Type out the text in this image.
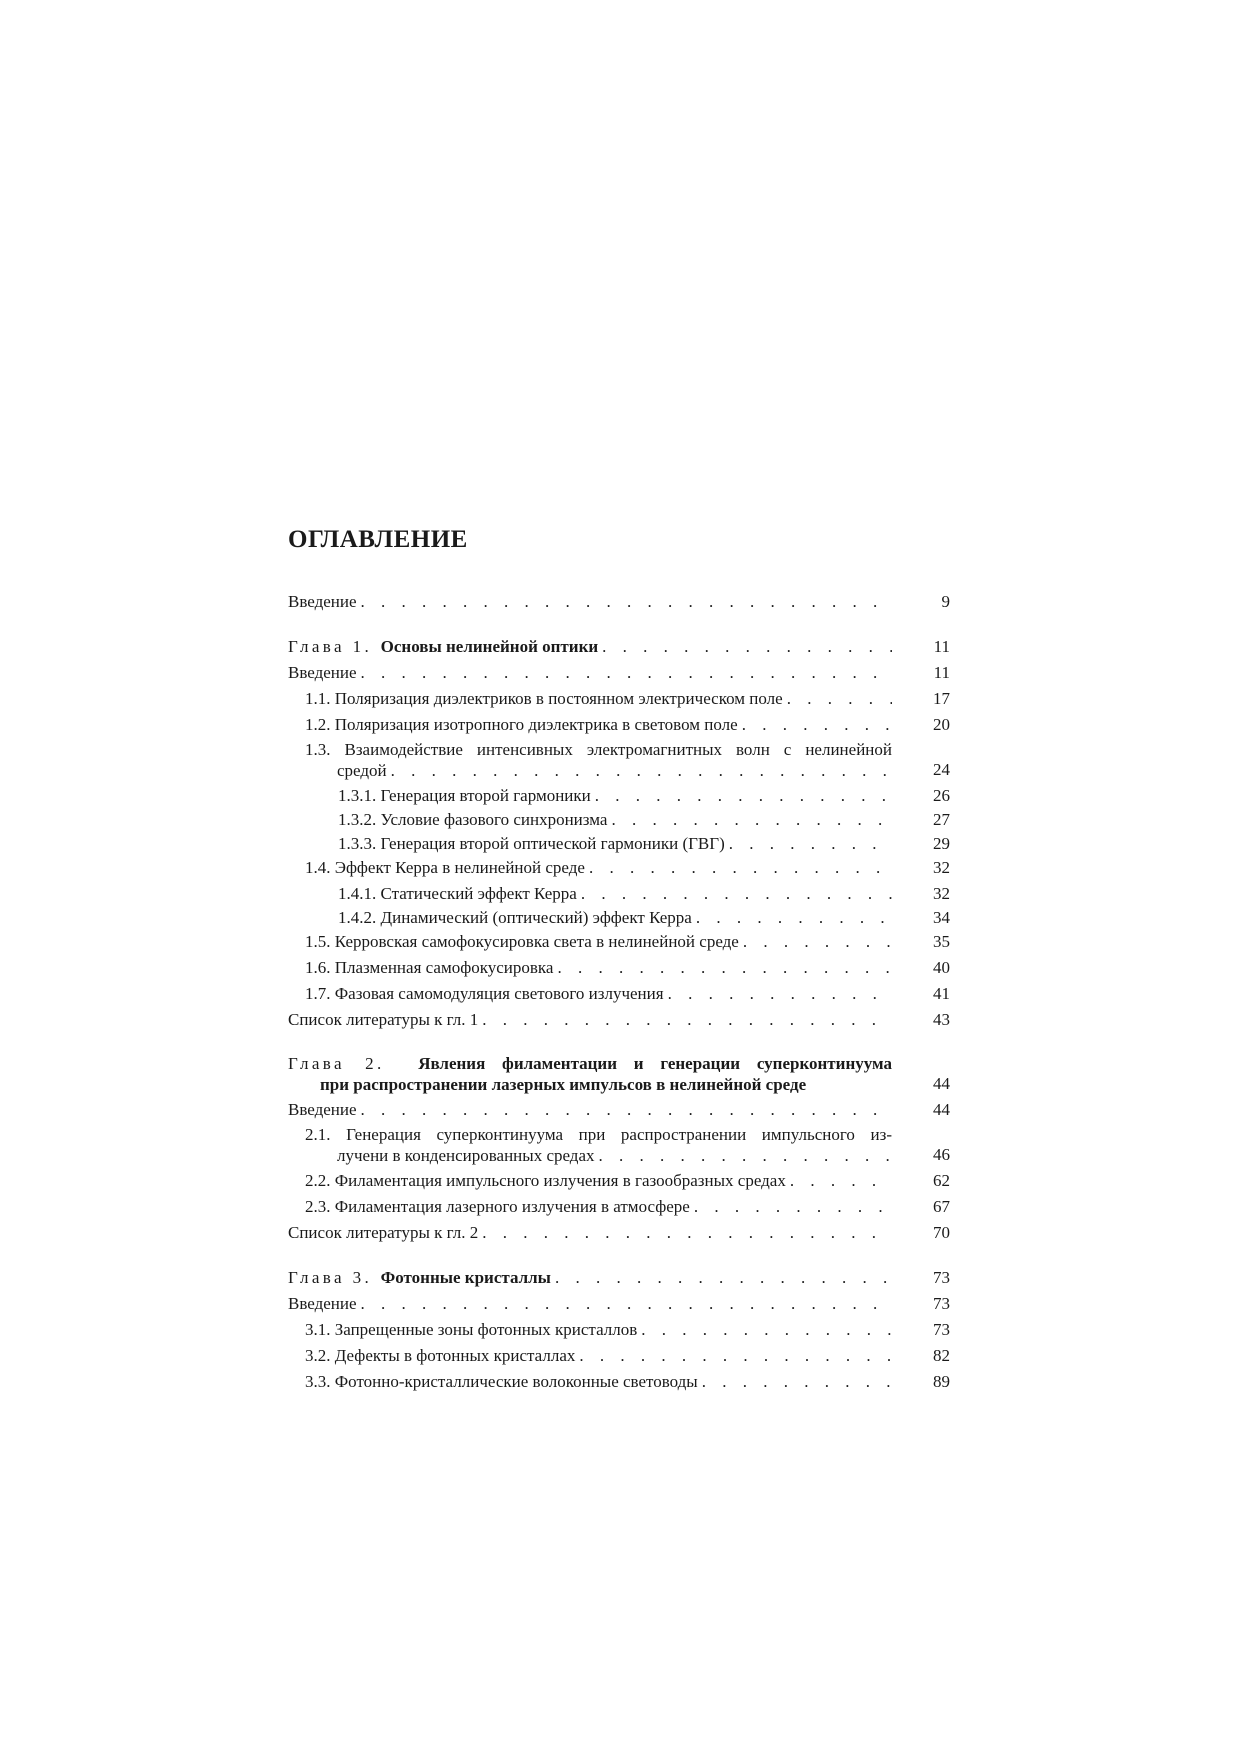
ОГЛАВЛЕНИЕ
Введение . . .	9
Глава 1. Основы нелинейной оптики . . .	11
Введение . . .	11
1.1. Поляризация диэлектриков в постоянном электрическом поле . . .	17
1.2. Поляризация изотропного диэлектрика в световом поле . . .	20
1.3. Взаимодействие интенсивных электромагнитных волн с нелинейной
средой . . .	24
1.3.1. Генерация второй гармоники . . .	26
1.3.2. Условие фазового синхронизма . . .	27
1.3.3. Генерация второй оптической гармоники (ГВГ) . . .	29
1.4. Эффект Керра в нелинейной среде . . .	32
1.4.1. Статический эффект Керра . . .	32
1.4.2. Динамический (оптический) эффект Керра . . .	34
1.5. Керровская самофокусировка света в нелинейной среде . . .	35
1.6. Плазменная самофокусировка . . .	40
1.7. Фазовая самомодуляция светового излучения . . .	41
Список литературы к гл. 1 . . .	43
Глава 2. Явления филаментации и генерации суперконтинуума
при распространении лазерных импульсов в нелинейной среде	44
Введение . . .	44
2.1. Генерация суперконтинуума при распространении импульсного из-
лучени в конденсированных средах . . .	46
2.2. Филаментация импульсного излучения в газообразных средах . . .	62
2.3. Филаментация лазерного излучения в атмосфере . . .	67
Список литературы к гл. 2 . . .	70
Глава 3. Фотонные кристаллы . . .	73
Введение . . .	73
3.1. Запрещенные зоны фотонных кристаллов . . .	73
3.2. Дефекты в фотонных кристаллах . . .	82
3.3. Фотонно-кристаллические волоконные световоды . . .	89
